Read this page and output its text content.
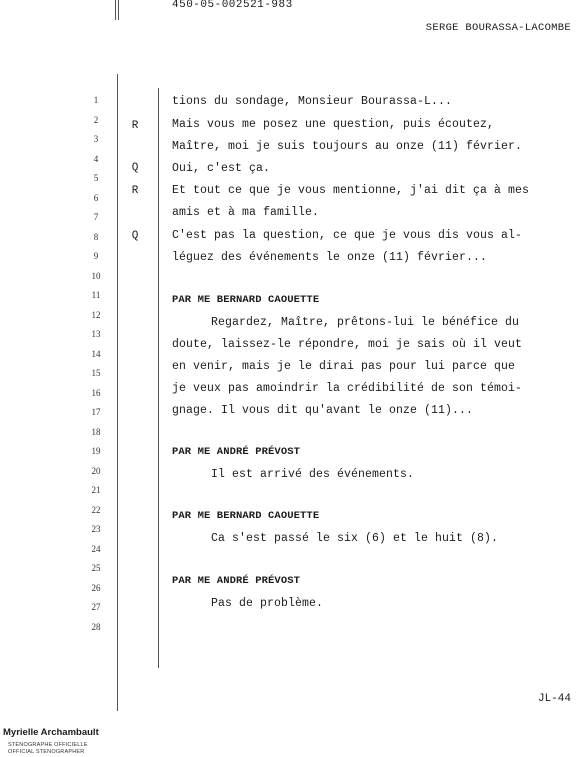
450-05-002521-983
SERGE BOURASSA-LACOMBE
1
2
3
4
5
6
7
8
9
10
11
12
13
14
15
16
17
18
19
20
21
22
23
24
25
26
27
28
R
Q
R
Q
tions du sondage, Monsieur Bourassa-L...
Mais vous me posez une question, puis écoutez,
Maître, moi je suis toujours au onze (11) février.
Oui, c'est ça.
Et tout ce que je vous mentionne, j'ai dit ça à mes
amis et à ma famille.
C'est pas la question, ce que je vous dis vous al-
léguez des événements le onze (11) février...
PAR ME BERNARD CAOUETTE
Regardez, Maître, prêtons-lui le bénéfice du
doute, laissez-le répondre, moi je sais où il veut
en venir, mais je le dirai pas pour lui parce que
je veux pas amoindrir la crédibilité de son témoi-
gnage. Il vous dit qu'avant le onze (11)...
PAR ME ANDRÉ PRÉVOST
Il est arrivé des événements.
PAR ME BERNARD CAOUETTE
Ca s'est passé le six (6) et le huit (8).
PAR ME ANDRÉ PRÉVOST
Pas de problème.
JL-44
Myrielle Archambault
STÉNOGRAPHE OFFICIELLE
OFFICIAL STENOGRAPHER
